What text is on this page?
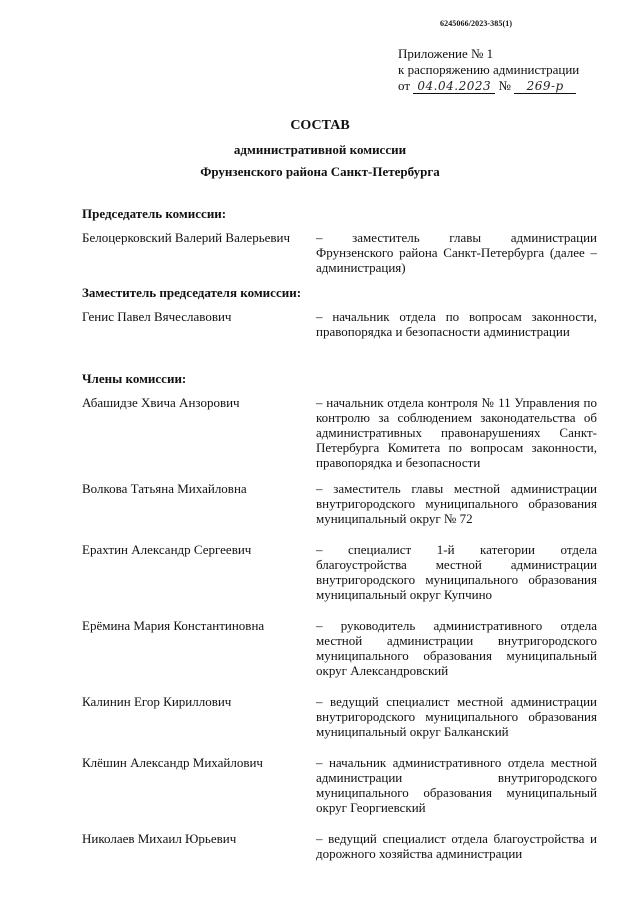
6245066/2023-385(1)
Приложение № 1
к распоряжению администрации
от 04.04.2023 № 269-р
СОСТАВ
административной комиссии
Фрунзенского района Санкт-Петербурга
Председатель комиссии:
Белоцерковский Валерий Валерьевич	– заместитель главы администрации Фрунзенского района Санкт-Петербурга (далее –администрация)
Заместитель председателя комиссии:
Генис Павел Вячеславович	– начальник отдела по вопросам законности, правопорядка и безопасности администрации
Члены комиссии:
Абашидзе Хвича Анзорович	– начальник отдела контроля № 11 Управления по контролю за соблюдением законодательства об административных правонарушениях Санкт-Петербурга Комитета по вопросам законности, правопорядка и безопасности
Волкова Татьяна Михайловна	– заместитель главы местной администрации внутригородского муниципального образования муниципальный округ № 72
Ерахтин Александр Сергеевич	– специалист 1-й категории отдела благоустройства местной администрации внутригородского муниципального образования муниципальный округ Купчино
Ерёмина Мария Константиновна	– руководитель административного отдела местной администрации внутригородского муниципального образования муниципальный округ Александровский
Калинин Егор Кириллович	– ведущий специалист местной администрации внутригородского муниципального образования муниципальный округ Балканский
Клёшин Александр Михайлович	– начальник административного отдела местной администрации внутригородского муниципального образования муниципальный округ Георгиевский
Николаев Михаил Юрьевич	– ведущий специалист отдела благоустройства и дорожного хозяйства администрации
